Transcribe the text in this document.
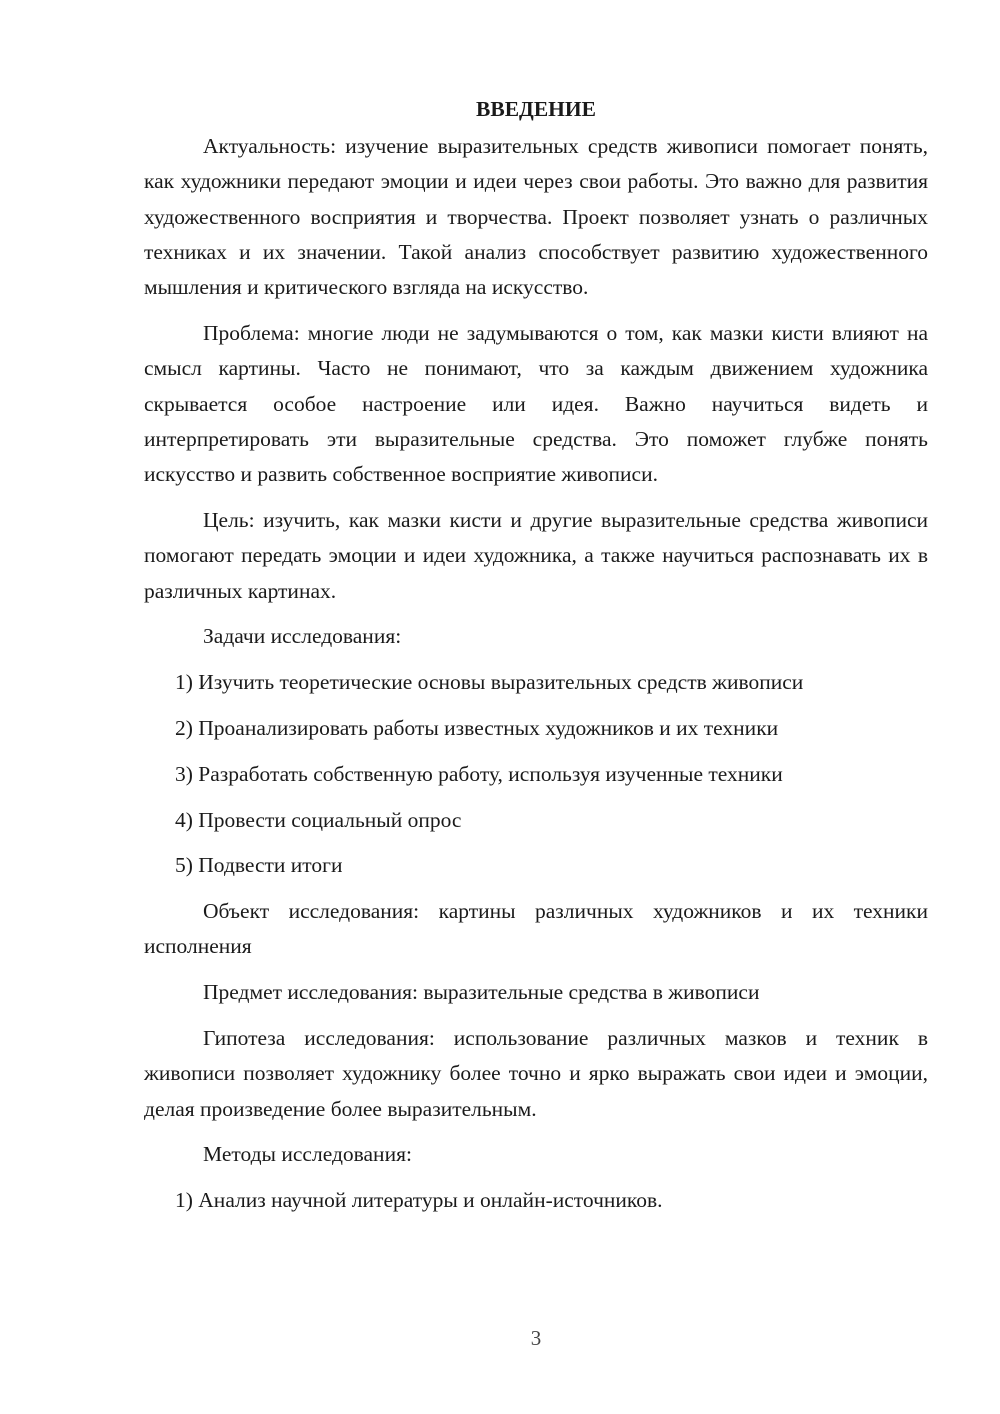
ВВЕДЕНИЕ

Актуальность: изучение выразительных средств живописи помогает понять, как художники передают эмоции и идеи через свои работы. Это важно для развития художественного восприятия и творчества. Проект позволяет узнать о различных техниках и их значении. Такой анализ способствует развитию художественного мышления и критического взгляда на искусство.

Проблема: многие люди не задумываются о том, как мазки кисти влияют на смысл картины. Часто не понимают, что за каждым движением художника скрывается особое настроение или идея. Важно научиться видеть и интерпретировать эти выразительные средства. Это поможет глубже понять искусство и развить собственное восприятие живописи.

Цель: изучить, как мазки кисти и другие выразительные средства живописи помогают передать эмоции и идеи художника, а также научиться распознавать их в различных картинах.

Задачи исследования:

1) Изучить теоретические основы выразительных средств живописи

2) Проанализировать работы известных художников и их техники

3) Разработать собственную работу, используя изученные техники

4) Провести социальный опрос

5) Подвести итоги

Объект исследования: картины различных художников и их техники исполнения

Предмет исследования: выразительные средства в живописи

Гипотеза исследования: использование различных мазков и техник в живописи позволяет художнику более точно и ярко выражать свои идеи и эмоции, делая произведение более выразительным.

Методы исследования:

1) Анализ научной литературы и онлайн-источников.

3
